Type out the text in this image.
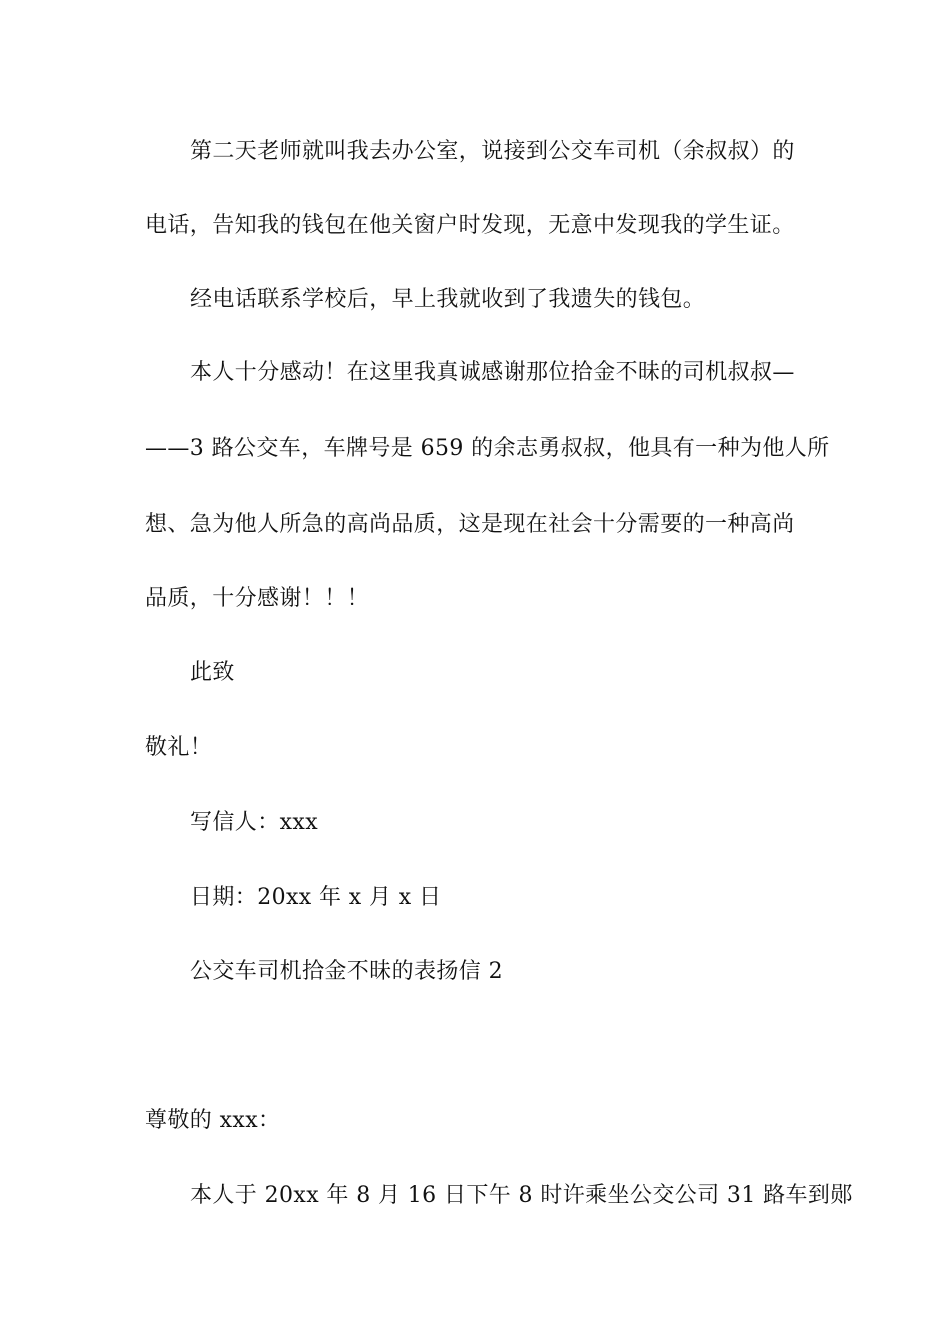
第二天老师就叫我去办公室，说接到公交车司机（余叔叔）的
电话，告知我的钱包在他关窗户时发现，无意中发现我的学生证。
经电话联系学校后，早上我就收到了我遗失的钱包。
本人十分感动！在这里我真诚感谢那位拾金不昧的司机叔叔—
——3 路公交车，车牌号是 659 的余志勇叔叔，他具有一种为他人所
想、急为他人所急的高尚品质，这是现在社会十分需要的一种高尚
品质，十分感谢！！！
此致
敬礼！
写信人：xxx
日期：20xx 年 x 月 x 日
公交车司机拾金不昧的表扬信 2
尊敬的 xxx：
本人于 20xx 年 8 月 16 日下午 8 时许乘坐公交公司 31 路车到郧
